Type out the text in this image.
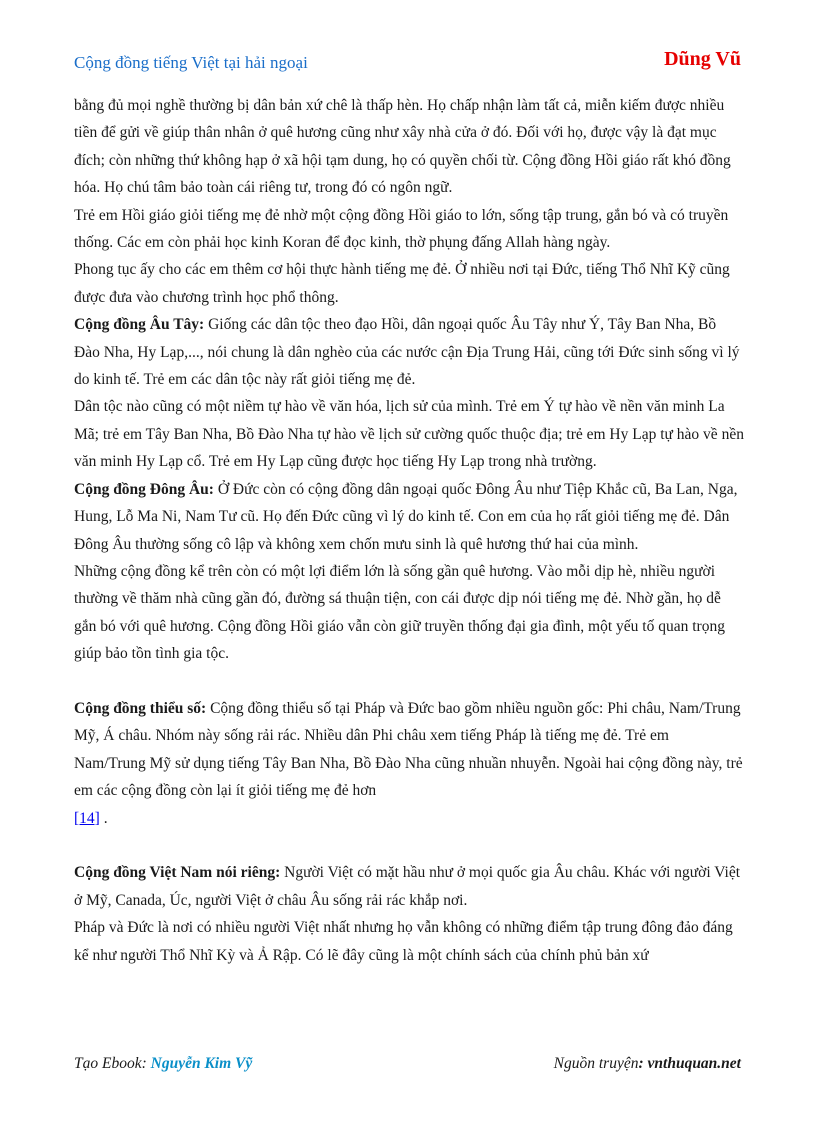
Cộng đồng tiếng Việt tại hải ngoại	Dũng Vũ

bằng đủ mọi nghề thường bị dân bản xứ chê là thấp hèn. Họ chấp nhận làm tất cả, miễn kiếm được nhiều tiền để gửi về giúp thân nhân ở quê hương cũng như xây nhà cửa ở đó. Đối với họ, được vậy là đạt mục đích; còn những thứ không hạp ở xã hội tạm dung, họ có quyền chối từ. Cộng đồng Hồi giáo rất khó đồng hóa. Họ chú tâm bảo toàn cái riêng tư, trong đó có ngôn ngữ.

Trẻ em Hồi giáo giỏi tiếng mẹ đẻ nhờ một cộng đồng Hồi giáo to lớn, sống tập trung, gắn bó và có truyền thống. Các em còn phải học kinh Koran để đọc kinh, thờ phụng đấng Allah hàng ngày.

Phong tục ấy cho các em thêm cơ hội thực hành tiếng mẹ đẻ. Ở nhiều nơi tại Đức, tiếng Thổ Nhĩ Kỹ cũng được đưa vào chương trình học phổ thông.

Cộng đồng Âu Tây: Giống các dân tộc theo đạo Hồi, dân ngoại quốc Âu Tây như Ý, Tây Ban Nha, Bồ Đào Nha, Hy Lạp,..., nói chung là dân nghèo của các nước cận Địa Trung Hải, cũng tới Đức sinh sống vì lý do kinh tế. Trẻ em các dân tộc này rất giỏi tiếng mẹ đẻ.

Dân tộc nào cũng có một niềm tự hào về văn hóa, lịch sử của mình. Trẻ em Ý tự hào về nền văn minh La Mã; trẻ em Tây Ban Nha, Bồ Đào Nha tự hào về lịch sử cường quốc thuộc địa; trẻ em Hy Lạp tự hào về nền văn minh Hy Lạp cổ. Trẻ em Hy Lạp cũng được học tiếng Hy Lạp trong nhà trường.

Cộng đồng Đông Âu: Ở Đức còn có cộng đồng dân ngoại quốc Đông Âu như Tiệp Khắc cũ, Ba Lan, Nga, Hung, Lỗ Ma Ni, Nam Tư cũ. Họ đến Đức cũng vì lý do kinh tế. Con em của họ rất giỏi tiếng mẹ đẻ. Dân Đông Âu thường sống cô lập và không xem chốn mưu sinh là quê hương thứ hai của mình.

Những cộng đồng kể trên còn có một lợi điểm lớn là sống gần quê hương. Vào mỗi dịp hè, nhiều người thường về thăm nhà cũng gần đó, đường sá thuận tiện, con cái được dịp nói tiếng mẹ đẻ. Nhờ gần, họ dễ gắn bó với quê hương. Cộng đồng Hồi giáo vẫn còn giữ truyền thống đại gia đình, một yếu tố quan trọng giúp bảo tồn tình gia tộc.

Cộng đồng thiểu số: Cộng đồng thiểu số tại Pháp và Đức bao gồm nhiều nguồn gốc: Phi châu, Nam/Trung Mỹ, Á châu. Nhóm này sống rải rác. Nhiều dân Phi châu xem tiếng Pháp là tiếng mẹ đẻ. Trẻ em Nam/Trung Mỹ sử dụng tiếng Tây Ban Nha, Bồ Đào Nha cũng nhuần nhuyễn. Ngoài hai cộng đồng này, trẻ em các cộng đồng còn lại ít giỏi tiếng mẹ đẻ hơn
[14] .

Cộng đồng Việt Nam nói riêng: Người Việt có mặt hầu như ở mọi quốc gia Âu châu. Khác với người Việt ở Mỹ, Canada, Úc, người Việt ở châu Âu sống rải rác khắp nơi.

Pháp và Đức là nơi có nhiều người Việt nhất nhưng họ vẫn không có những điểm tập trung đông đảo đáng kể như người Thổ Nhĩ Kỳ và Ả Rập. Có lẽ đây cũng là một chính sách của chính phủ bản xứ

Tạo Ebook: Nguyễn Kim Vỹ	Nguồn truyện: vnthuquan.net
